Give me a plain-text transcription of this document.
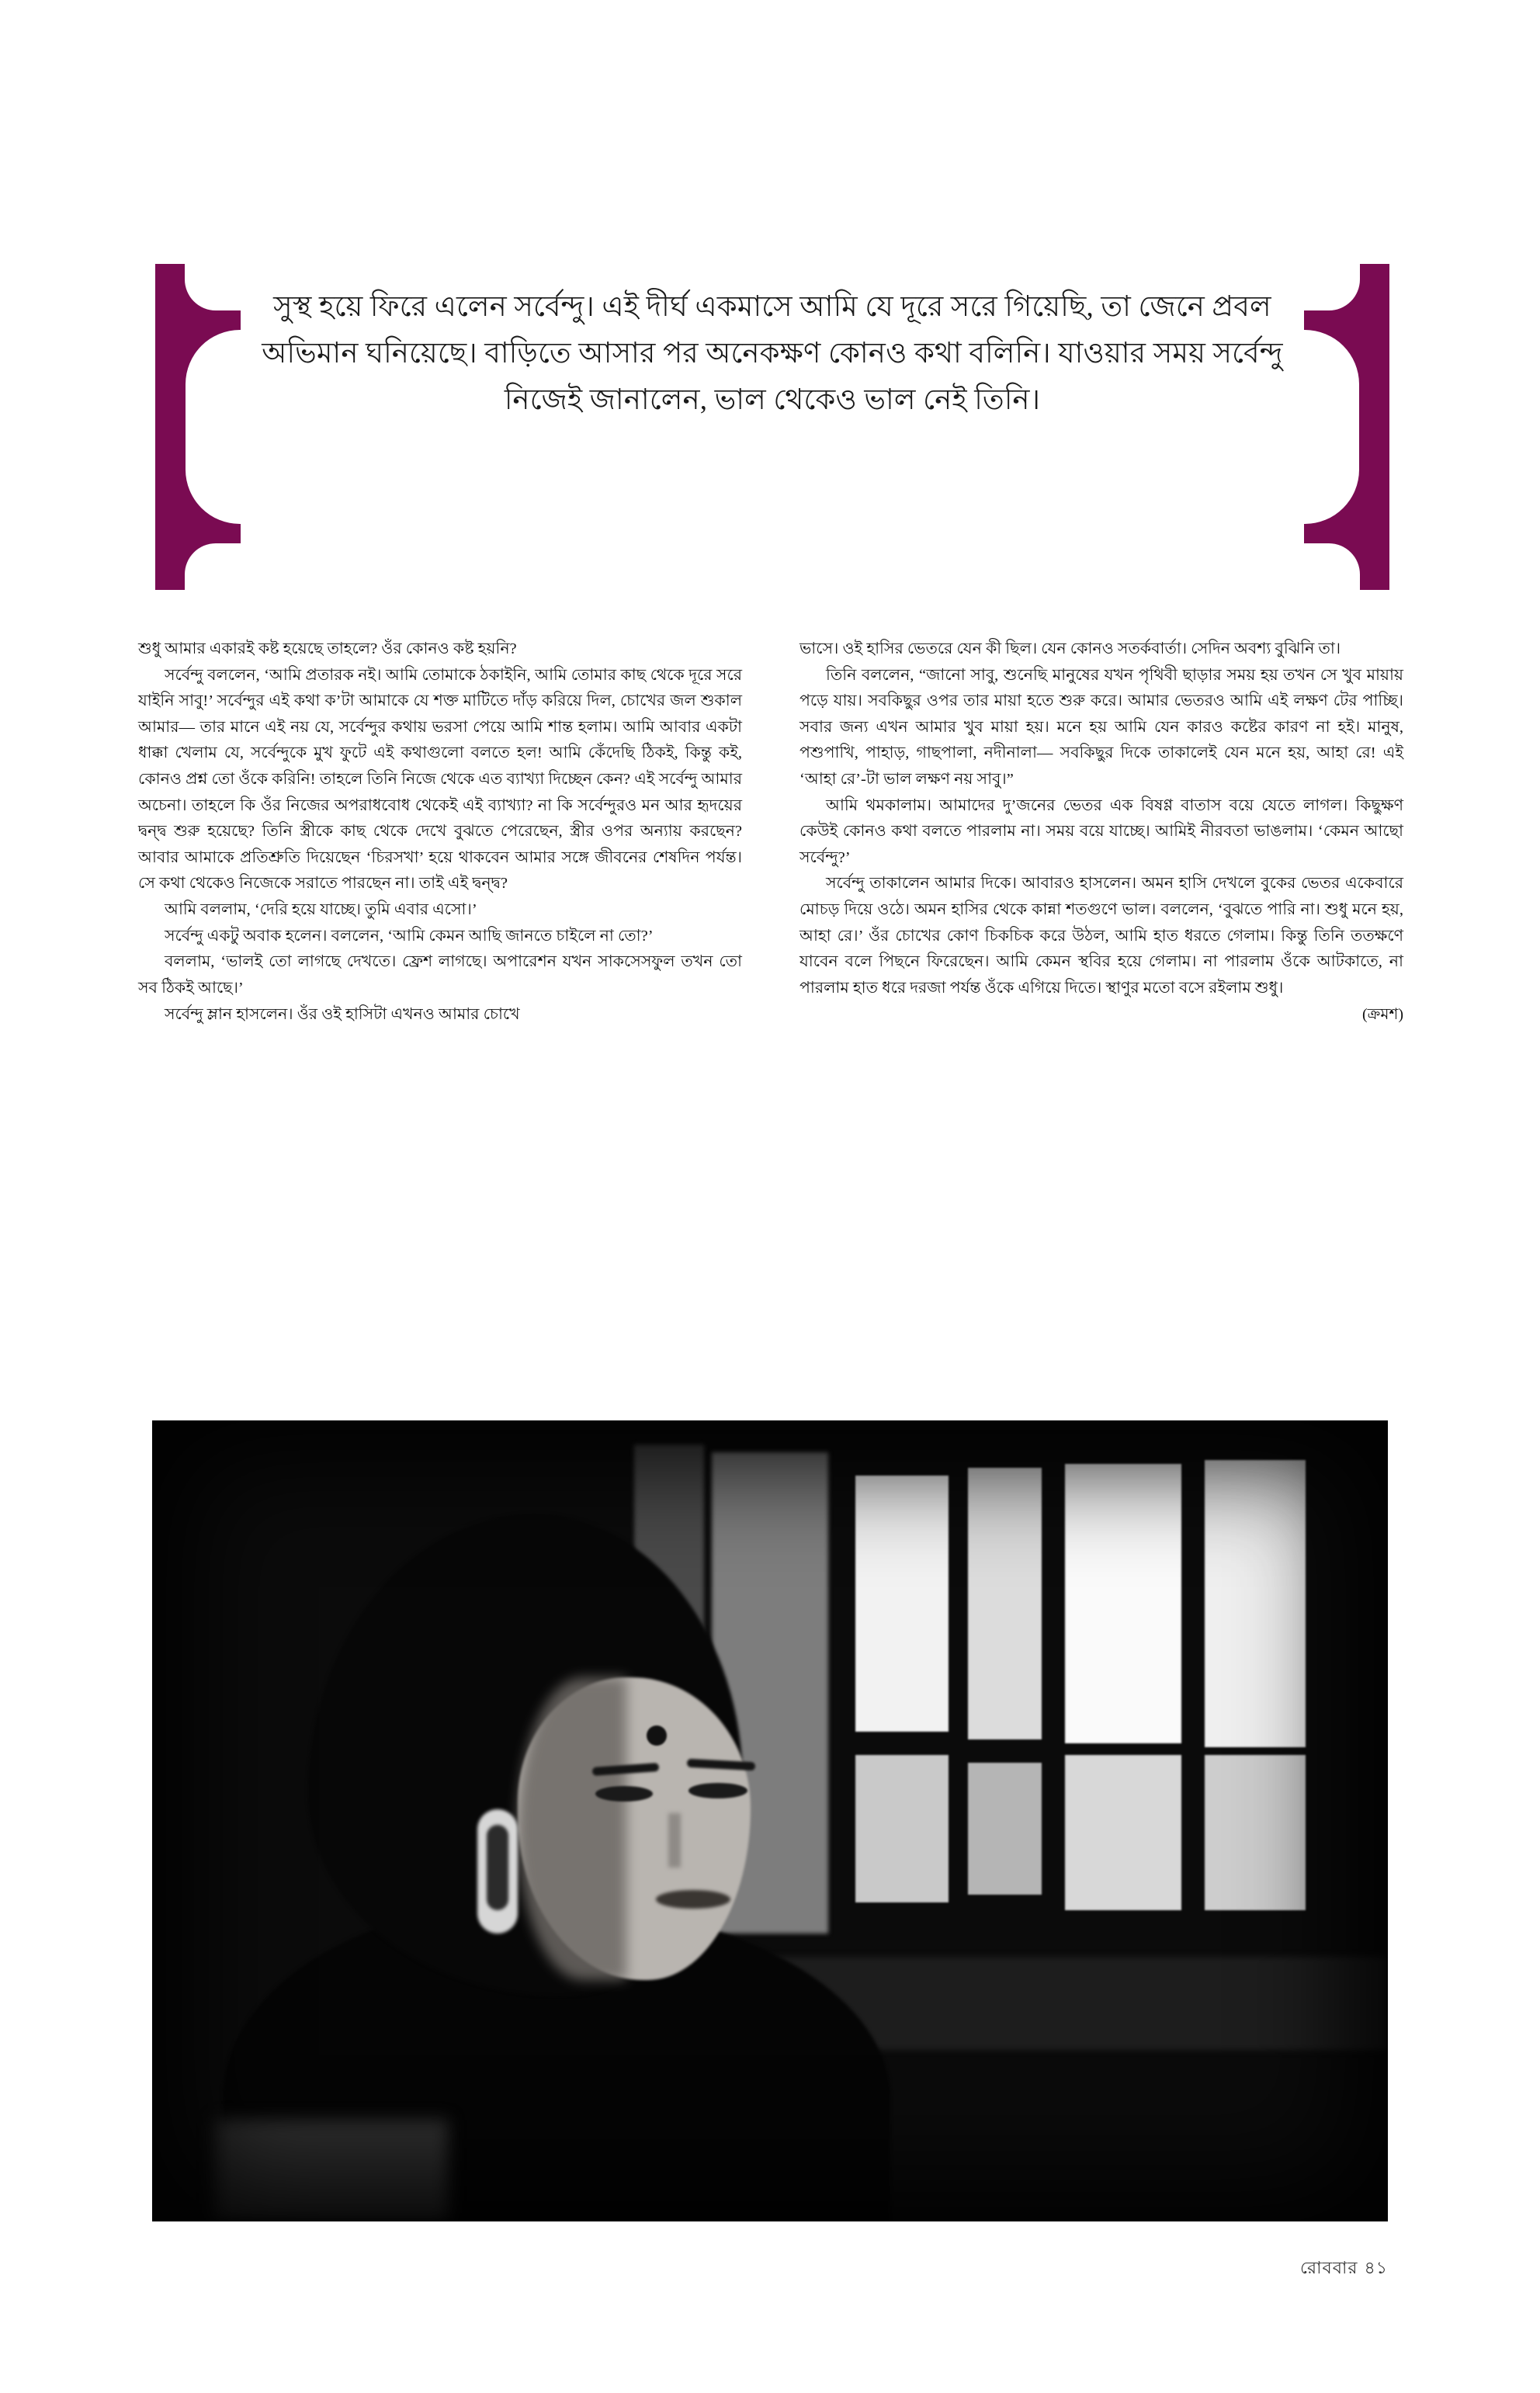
সুস্থ হয়ে ফিরে এলেন সর্বেন্দু। এই দীর্ঘ একমাসে আমি যে দূরে সরে গিয়েছি, তা জেনে প্রবল অভিমান ঘনিয়েছে। বাড়িতে আসার পর অনেকক্ষণ কোনও কথা বলিনি। যাওয়ার সময় সর্বেন্দু নিজেই জানালেন, ভাল থেকেও ভাল নেই তিনি।

শুধু আমার একারই কষ্ট হয়েছে তাহলে? ওঁর কোনও কষ্ট হয়নি?

সর্বেন্দু বললেন, ‘আমি প্রতারক নই। আমি তোমাকে ঠকাইনি, আমি তোমার কাছ থেকে দূরে সরে যাইনি সাবু!’ সর্বেন্দুর এই কথা ক’টা আমাকে যে শক্ত মাটিতে দাঁড় করিয়ে দিল, চোখের জল শুকাল আমার— তার মানে এই নয় যে, সর্বেন্দুর কথায় ভরসা পেয়ে আমি শান্ত হলাম। আমি আবার একটা ধাক্কা খেলাম যে, সর্বেন্দুকে মুখ ফুটে এই কথাগুলো বলতে হল! আমি কেঁদেছি ঠিকই, কিন্তু কই, কোনও প্রশ্ন তো ওঁকে করিনি! তাহলে তিনি নিজে থেকে এত ব্যাখ্যা দিচ্ছেন কেন? এই সর্বেন্দু আমার অচেনা। তাহলে কি ওঁর নিজের অপরাধবোধ থেকেই এই ব্যাখ্যা? না কি সর্বেন্দুরও মন আর হৃদয়ের দ্বন্দ্ব শুরু হয়েছে? তিনি স্ত্রীকে কাছ থেকে দেখে বুঝতে পেরেছেন, স্ত্রীর ওপর অন্যায় করছেন? আবার আমাকে প্রতিশ্রুতি দিয়েছেন ‘চিরসখা’ হয়ে থাকবেন আমার সঙ্গে জীবনের শেষদিন পর্যন্ত। সে কথা থেকেও নিজেকে সরাতে পারছেন না। তাই এই দ্বন্দ্ব?

আমি বললাম, ‘দেরি হয়ে যাচ্ছে। তুমি এবার এসো।’

সর্বেন্দু একটু অবাক হলেন। বললেন, ‘আমি কেমন আছি জানতে চাইলে না তো?’

বললাম, ‘ভালই তো লাগছে দেখতে। ফ্রেশ লাগছে। অপারেশন যখন সাকসেসফুল তখন তো সব ঠিকই আছে।’

সর্বেন্দু ম্লান হাসলেন। ওঁর ওই হাসিটা এখনও আমার চোখে

ভাসে। ওই হাসির ভেতরে যেন কী ছিল। যেন কোনও সতর্কবার্তা। সেদিন অবশ্য বুঝিনি তা।

তিনি বললেন, “জানো সাবু, শুনেছি মানুষের যখন পৃথিবী ছাড়ার সময় হয় তখন সে খুব মায়ায় পড়ে যায়। সবকিছুর ওপর তার মায়া হতে শুরু করে। আমার ভেতরও আমি এই লক্ষণ টের পাচ্ছি। সবার জন্য এখন আমার খুব মায়া হয়। মনে হয় আমি যেন কারও কষ্টের কারণ না হই। মানুষ, পশুপাখি, পাহাড়, গাছপালা, নদীনালা— সবকিছুর দিকে তাকালেই যেন মনে হয়, আহা রে! এই ‘আহা রে’-টা ভাল লক্ষণ নয় সাবু।”

আমি থমকালাম। আমাদের দু’জনের ভেতর এক বিষণ্ণ বাতাস বয়ে যেতে লাগল। কিছুক্ষণ কেউই কোনও কথা বলতে পারলাম না। সময় বয়ে যাচ্ছে। আমিই নীরবতা ভাঙলাম। ‘কেমন আছো সর্বেন্দু?’

সর্বেন্দু তাকালেন আমার দিকে। আবারও হাসলেন। অমন হাসি দেখলে বুকের ভেতর একেবারে মোচড় দিয়ে ওঠে। অমন হাসির থেকে কান্না শতগুণে ভাল। বললেন, ‘বুঝতে পারি না। শুধু মনে হয়, আহা রে।’ ওঁর চোখের কোণ চিকচিক করে উঠল, আমি হাত ধরতে গেলাম। কিন্তু তিনি ততক্ষণে যাবেন বলে পিছনে ফিরেছেন। আমি কেমন স্থবির হয়ে গেলাম। না পারলাম ওঁকে আটকাতে, না পারলাম হাত ধরে দরজা পর্যন্ত ওঁকে এগিয়ে দিতে। স্থাণুর মতো বসে রইলাম শুধু।

(ক্রমশ)

রোববার ৪১
